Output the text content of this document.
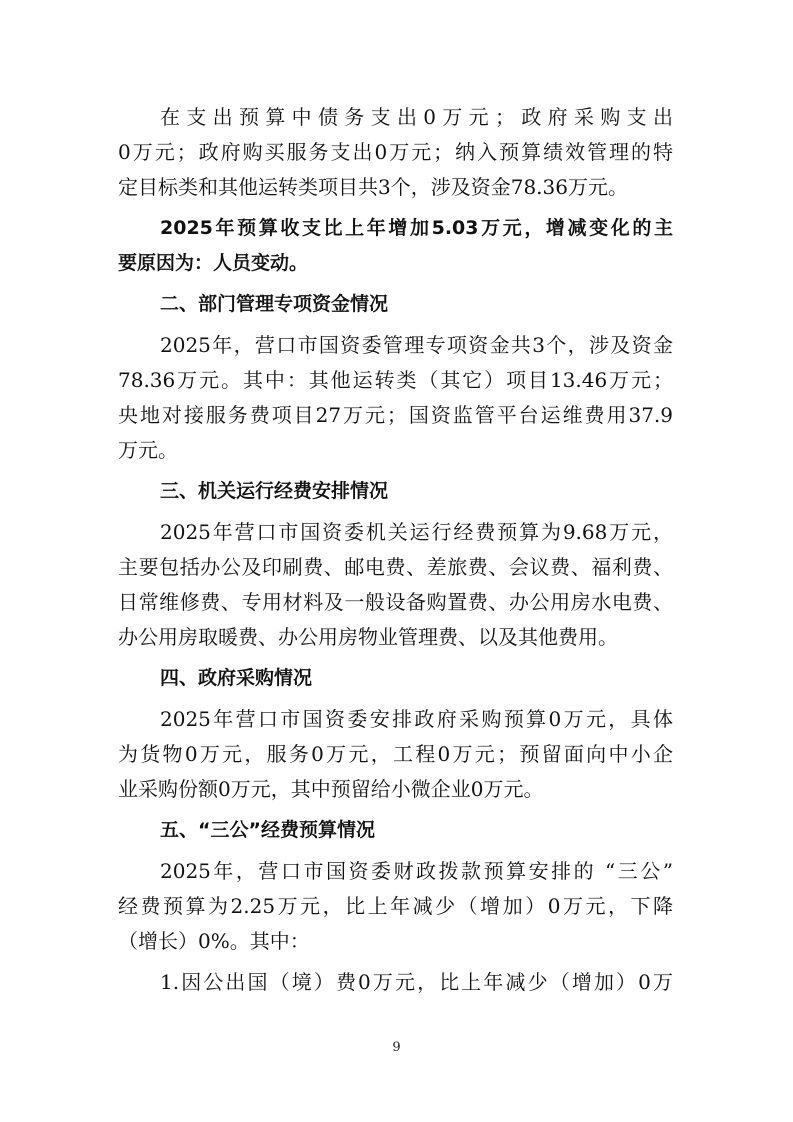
在支出预算中债务支出0万元；政府采购支出
0万元；政府购买服务支出0万元；纳入预算绩效管理的特
定目标类和其他运转类项目共3个，涉及资金78.36万元。
2025年预算收支比上年增加5.03万元，增减变化的主
要原因为：人员变动。
二、部门管理专项资金情况
2025年，营口市国资委管理专项资金共3个，涉及资金
78.36万元。其中：其他运转类（其它）项目13.46万元；
央地对接服务费项目27万元；国资监管平台运维费用37.9
万元。
三、机关运行经费安排情况
2025年营口市国资委机关运行经费预算为9.68万元，
主要包括办公及印刷费、邮电费、差旅费、会议费、福利费、
日常维修费、专用材料及一般设备购置费、办公用房水电费、
办公用房取暖费、办公用房物业管理费、以及其他费用。
四、政府采购情况
2025年营口市国资委安排政府采购预算0万元，具体
为货物0万元，服务0万元，工程0万元；预留面向中小企
业采购份额0万元，其中预留给小微企业0万元。
五、“三公”经费预算情况
2025年，营口市国资委财政拨款预算安排的 “三公”
经费预算为2.25万元，比上年减少（增加）0万元，下降
（增长）0%。其中：
1.因公出国（境）费0万元，比上年减少（增加）0万
9
